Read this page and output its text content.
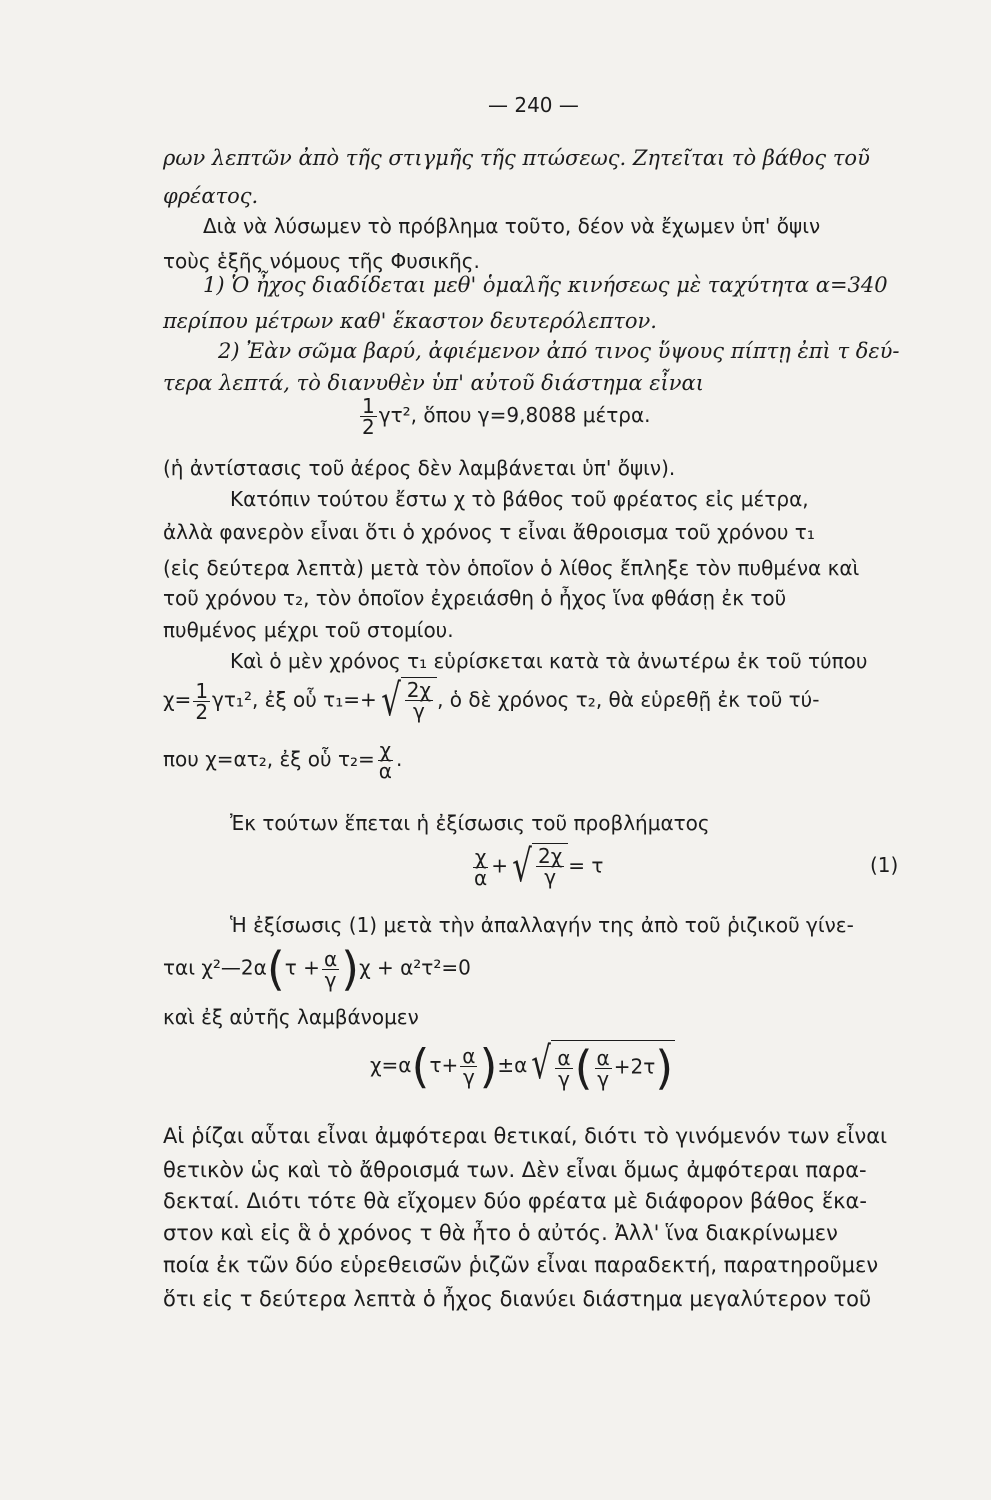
— 240 —
ρων λεπτῶν ἀπὸ τῆς στιγμῆς τῆς πτώσεως. Ζητεῖται τὸ βάθος τοῦ
φρέατος.
Διὰ νὰ λύσωμεν τὸ πρόβλημα τοῦτο, δέον νὰ ἔχωμεν ὑπ' ὄψιν
τοὺς ἑξῆς νόμους τῆς Φυσικῆς.
1) Ὁ ἦχος διαδίδεται μεθ' ὁμαλῆς κινήσεως μὲ ταχύτητα α=340
περίπου μέτρων καθ' ἕκαστον δευτερόλεπτον.
2) Ἐὰν σῶμα βαρύ, ἀφιέμενον ἀπό τινος ὕψους πίπτῃ ἐπὶ τ δεύ-
τερα λεπτά, τὸ διανυθὲν ὑπ' αὐτοῦ διάστημα εἶναι
$\frac{1}{2} \gamma\tau^2$, ὅπου γ=9,8088 μέτρα.
(ἡ ἀντίστασις τοῦ ἀέρος δὲν λαμβάνεται ὑπ' ὄψιν).
Κατόπιν τούτου ἔστω χ τὸ βάθος τοῦ φρέατος εἰς μέτρα,
ἀλλὰ φανερὸν εἶναι ὅτι ὁ χρόνος τ εἶναι ἄθροισμα τοῦ χρόνου τ₁
(εἰς δεύτερα λεπτὰ) μετὰ τὸν ὁποῖον ὁ λίθος ἔπληξε τὸν πυθμένα καὶ
τοῦ χρόνου τ₂, τὸν ὁποῖον ἐχρειάσθη ὁ ἦχος ἵνα φθάσῃ ἐκ τοῦ
πυθμένος μέχρι τοῦ στομίου.
Καὶ ὁ μὲν χρόνος τ₁ εὑρίσκεται κατὰ τὰ ἀνωτέρω ἐκ τοῦ τύπου
$\chi= \frac{1}{2} \gamma\tau_1^2$, ἐξ οὗ τ₁=+ √ $\frac{2\chi}{\gamma}$ , ὁ δὲ χρόνος τ₂, θὰ εὑρεθῇ ἐκ τοῦ τύ-
που χ=ατ₂, ἐξ οὗ $\tau_2= \frac{\chi}{\alpha}$ .
Ἐκ τούτων ἕπεται ἡ ἐξίσωσις τοῦ προβλήματος
$\frac{\chi}{\alpha}$ + √ $\frac{2\chi}{\gamma} = \tau$	(1)
Ἡ ἐξίσωσις (1) μετὰ τὴν ἀπαλλαγήν της ἀπὸ τοῦ ῥιζικοῦ γίνε-
ται χ²—2α(τ + $\frac{\alpha}{\gamma} )\chi + \alpha^2\tau^2=0$
καὶ ἐξ αὐτῆς λαμβάνομεν
$\chi=\alpha(\tau+ \frac{\alpha}{\gamma} )\pm\alpha$ √ $\frac{\alpha}{\gamma}$ ( $\frac{\alpha}{\gamma} +2\tau$)
Αἱ ῥίζαι αὗται εἶναι ἀμφότεραι θετικαί, διότι τὸ γινόμενόν των εἶναι
θετικὸν ὡς καὶ τὸ ἄθροισμά των. Δὲν εἶναι ὅμως ἀμφότεραι παρα-
δεκταί. Διότι τότε θὰ εἴχομεν δύο φρέατα μὲ διάφορον βάθος ἕκα-
στον καὶ εἰς ἃ ὁ χρόνος τ θὰ ἦτο ὁ αὐτός. Ἀλλ' ἵνα διακρίνωμεν
ποία ἐκ τῶν δύο εὑρεθεισῶν ῥιζῶν εἶναι παραδεκτή, παρατηροῦμεν
ὅτι εἰς τ δεύτερα λεπτὰ ὁ ἦχος διανύει διάστημα μεγαλύτερον τοῦ
